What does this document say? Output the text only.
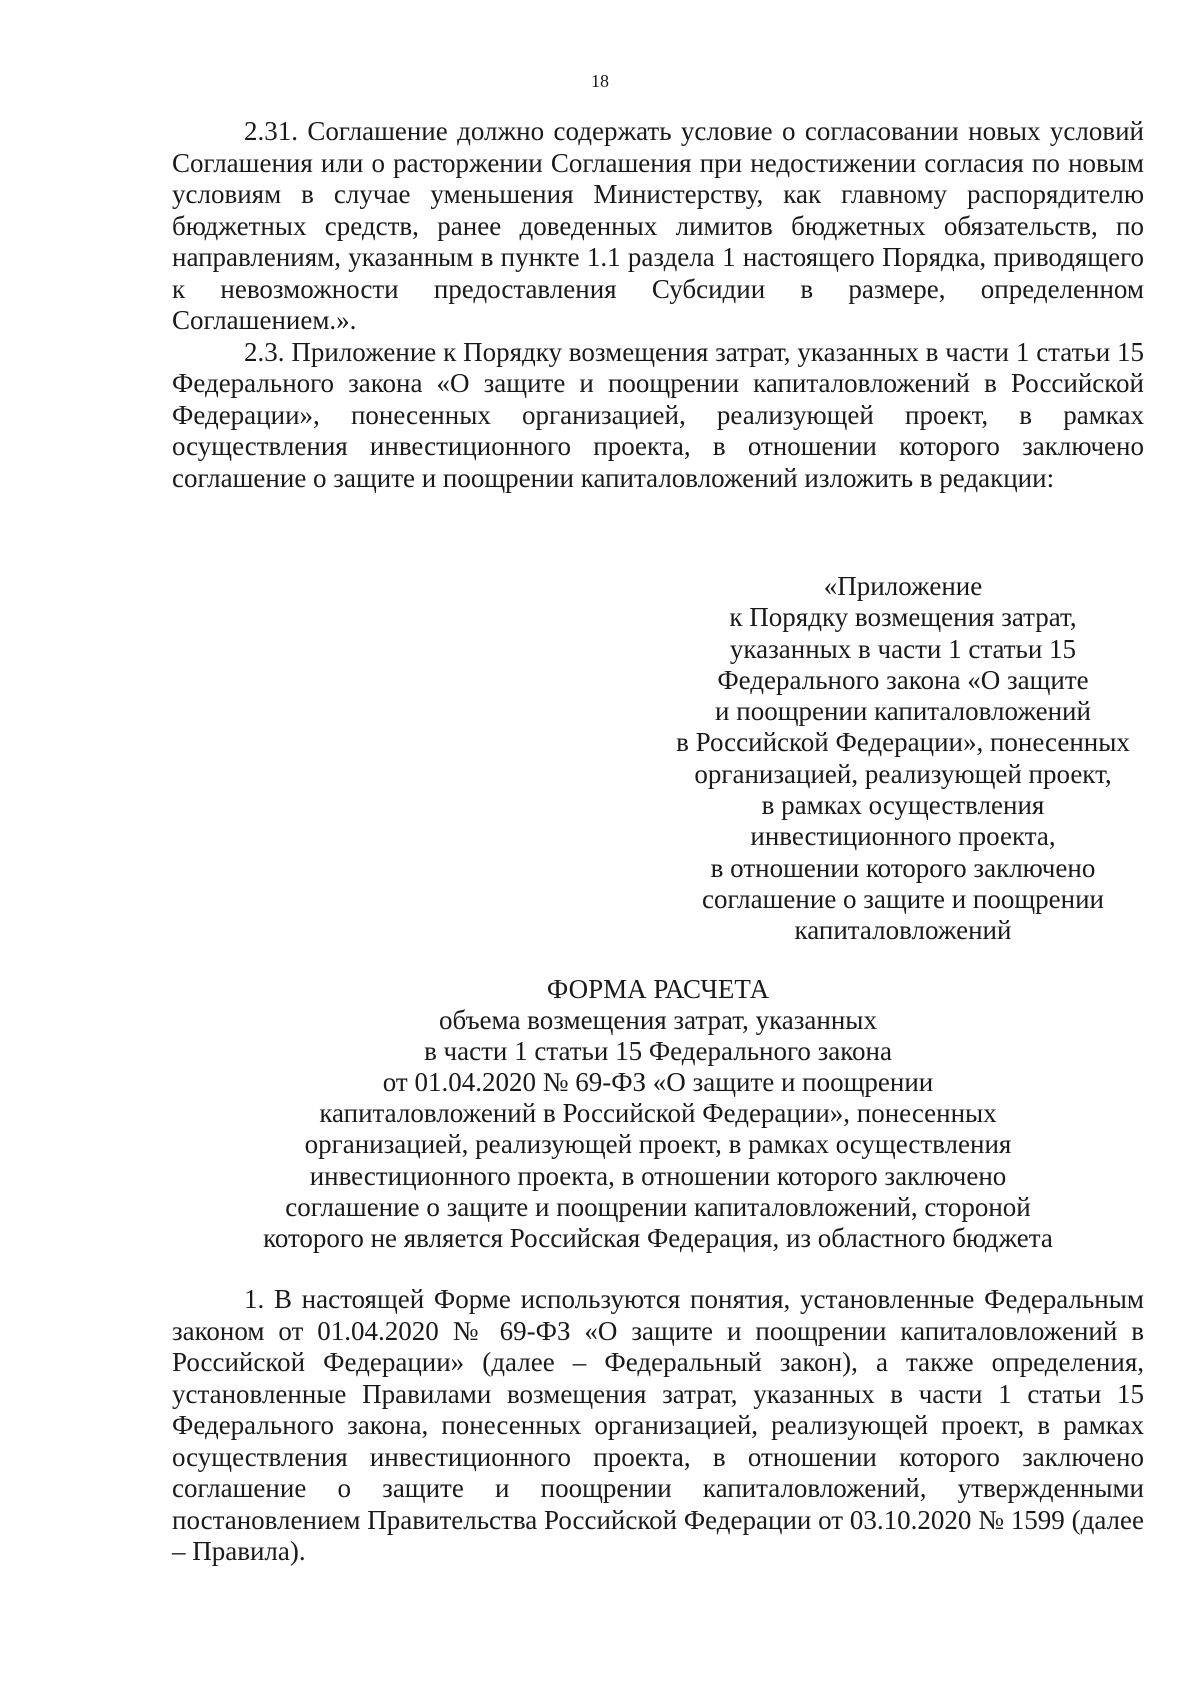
18

2.31. Соглашение должно содержать условие о согласовании новых условий Соглашения или о расторжении Соглашения при недостижении согласия по новым условиям в случае уменьшения Министерству, как главному распорядителю бюджетных средств, ранее доведенных лимитов бюджетных обязательств, по направлениям, указанным в пункте 1.1 раздела 1 настоящего Порядка, приводящего к невозможности предоставления Субсидии в размере, определенном Соглашением.».

2.3. Приложение к Порядку возмещения затрат, указанных в части 1 статьи 15 Федерального закона «О защите и поощрении капиталовложений в Российской Федерации», понесенных организацией, реализующей проект, в рамках осуществления инвестиционного проекта, в отношении которого заключено соглашение о защите и поощрении капиталовложений изложить в редакции:

«Приложение
к Порядку возмещения затрат,
указанных в части 1 статьи 15
Федерального закона «О защите
и поощрении капиталовложений
в Российской Федерации», понесенных
организацией, реализующей проект,
в рамках осуществления
инвестиционного проекта,
в отношении которого заключено
соглашение о защите и поощрении
капиталовложений
ФОРМА РАСЧЕТА
объема возмещения затрат, указанных
в части 1 статьи 15 Федерального закона
от 01.04.2020 № 69-ФЗ «О защите и поощрении
капиталовложений в Российской Федерации», понесенных
организацией, реализующей проект, в рамках осуществления
инвестиционного проекта, в отношении которого заключено
соглашение о защите и поощрении капиталовложений, стороной
которого не является Российская Федерация, из областного бюджета

1. В настоящей Форме используются понятия, установленные Федеральным законом от 01.04.2020 № 69-ФЗ «О защите и поощрении капиталовложений в Российской Федерации» (далее – Федеральный закон), а также определения, установленные Правилами возмещения затрат, указанных в части 1 статьи 15 Федерального закона, понесенных организацией, реализующей проект, в рамках осуществления инвестиционного проекта, в отношении которого заключено соглашение о защите и поощрении капиталовложений, утвержденными постановлением Правительства Российской Федерации от 03.10.2020 № 1599 (далее – Правила).
